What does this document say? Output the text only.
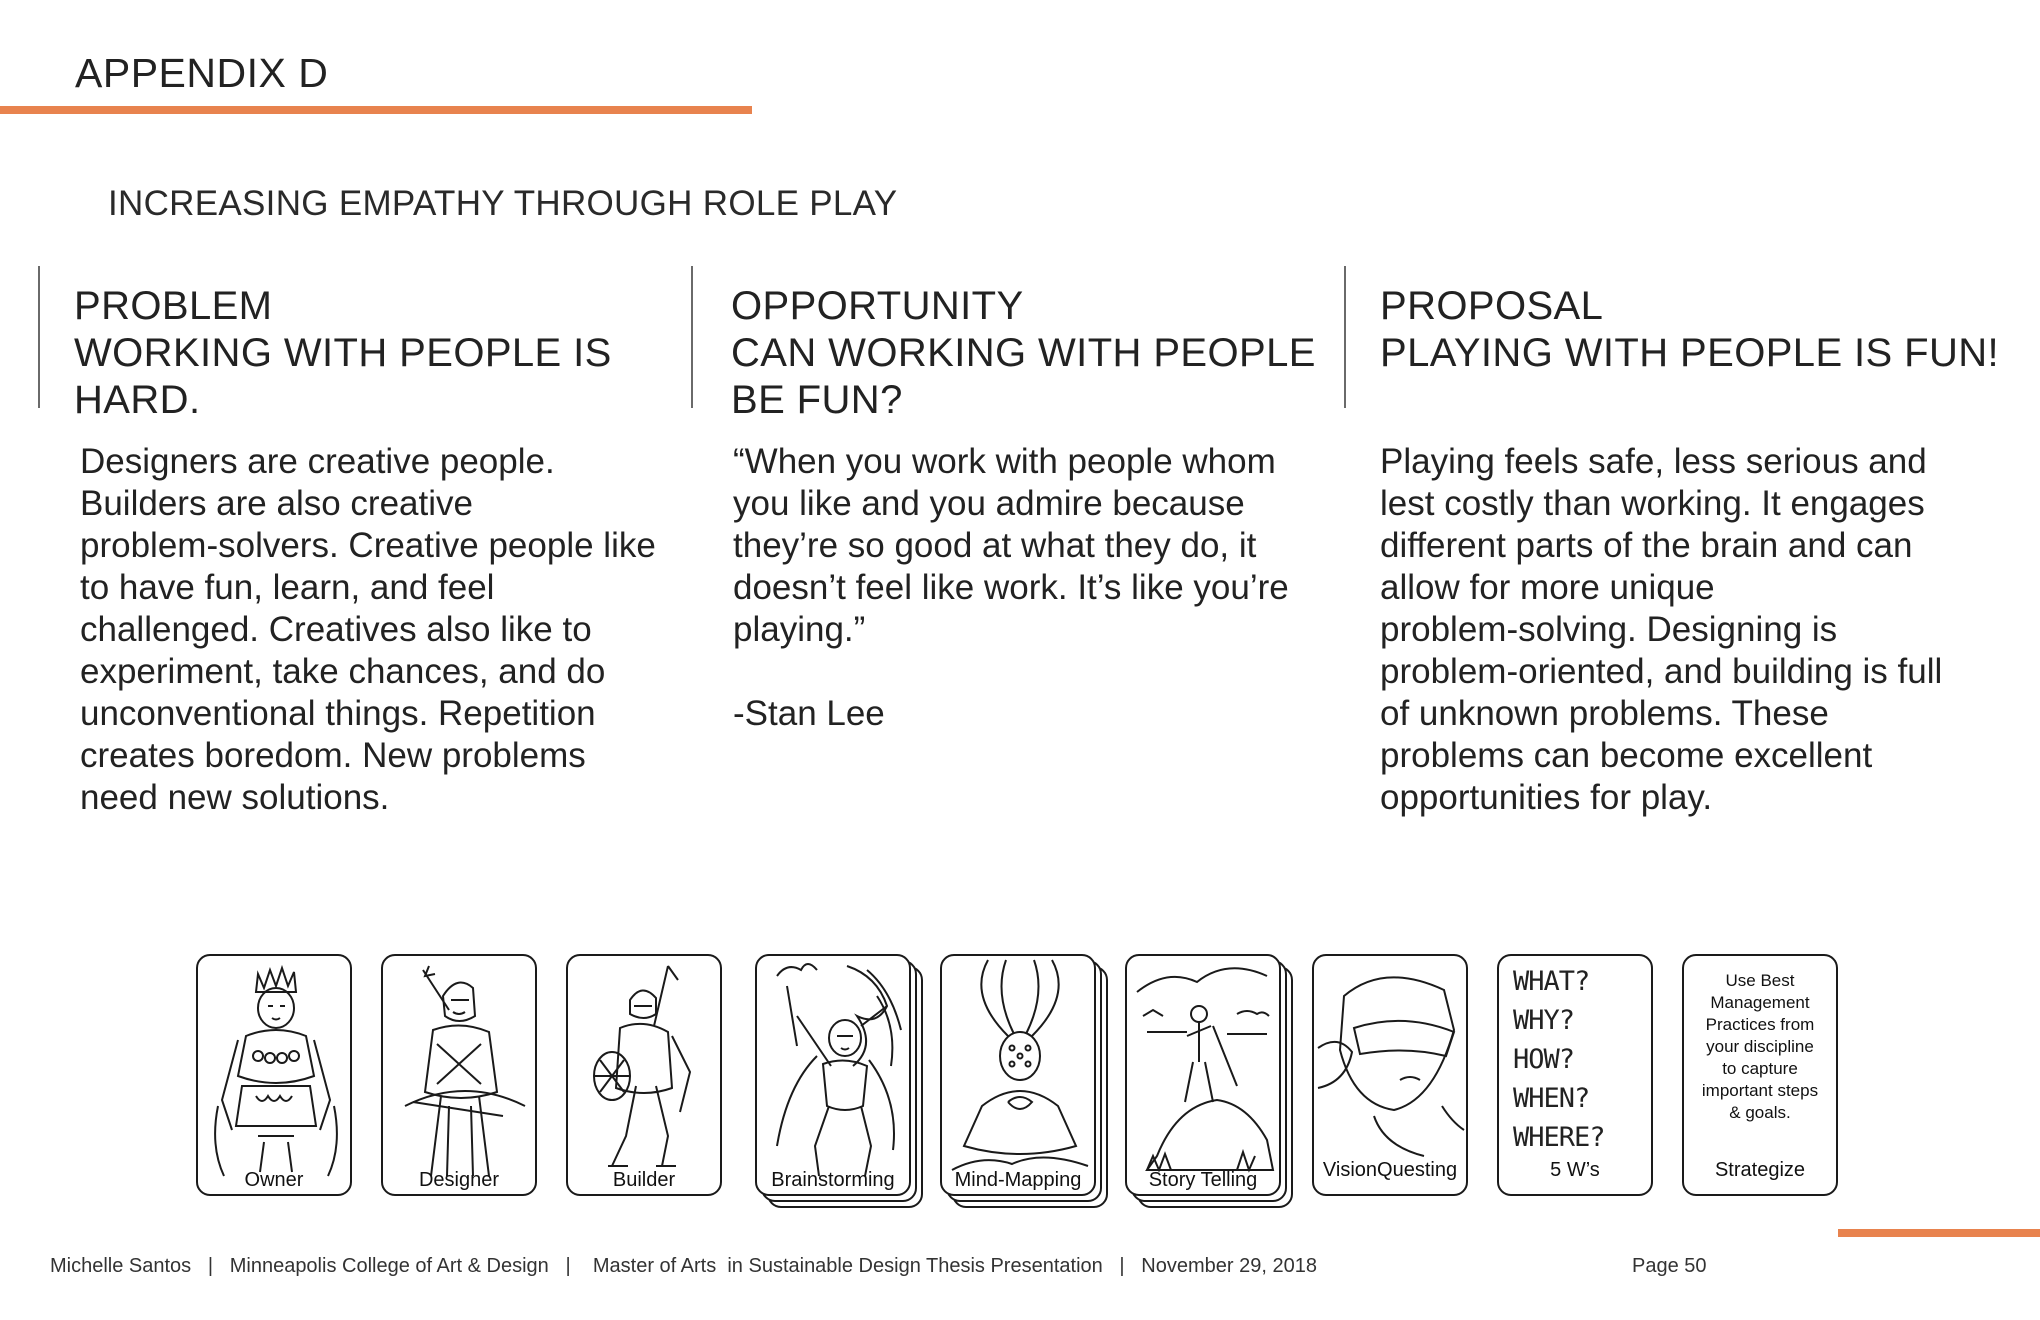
APPENDIX D
INCREASING EMPATHY THROUGH ROLE PLAY
PROBLEM
WORKING WITH PEOPLE IS
HARD.

Designers are creative people.

Builders are also creative

problem-solvers. Creative people like

to have fun, learn, and feel

challenged. Creatives also like to

experiment, take chances, and do

unconventional things. Repetition

creates boredom. New problems

need new solutions.

OPPORTUNITY
CAN WORKING WITH PEOPLE
BE FUN?

“When you work with people whom

you like and you admire because

they’re so good at what they do, it

doesn’t feel like work. It’s like you’re

playing.”

-Stan Lee

PROPOSAL
PLAYING WITH PEOPLE IS FUN!

Playing feels safe, less serious and

lest costly than working. It engages

different parts of the brain and can

allow for more unique

problem-solving. Designing is

problem-oriented, and building is full

of unknown problems. These

problems can become excellent

opportunities for play.

Owner	Designer	Builder	Brainstorming	Mind-Mapping	Story Telling	VisionQuesting
WHAT?
WHY?
HOW?
WHEN?
WHERE?
5 W’s
Use Best
Management
Practices from
your discipline
to capture
important steps
& goals.
Strategize
Michelle Santos   |   Minneapolis College of Art & Design   |    Master of Arts  in Sustainable Design Thesis Presentation   |   November 29, 2018	Page 50
